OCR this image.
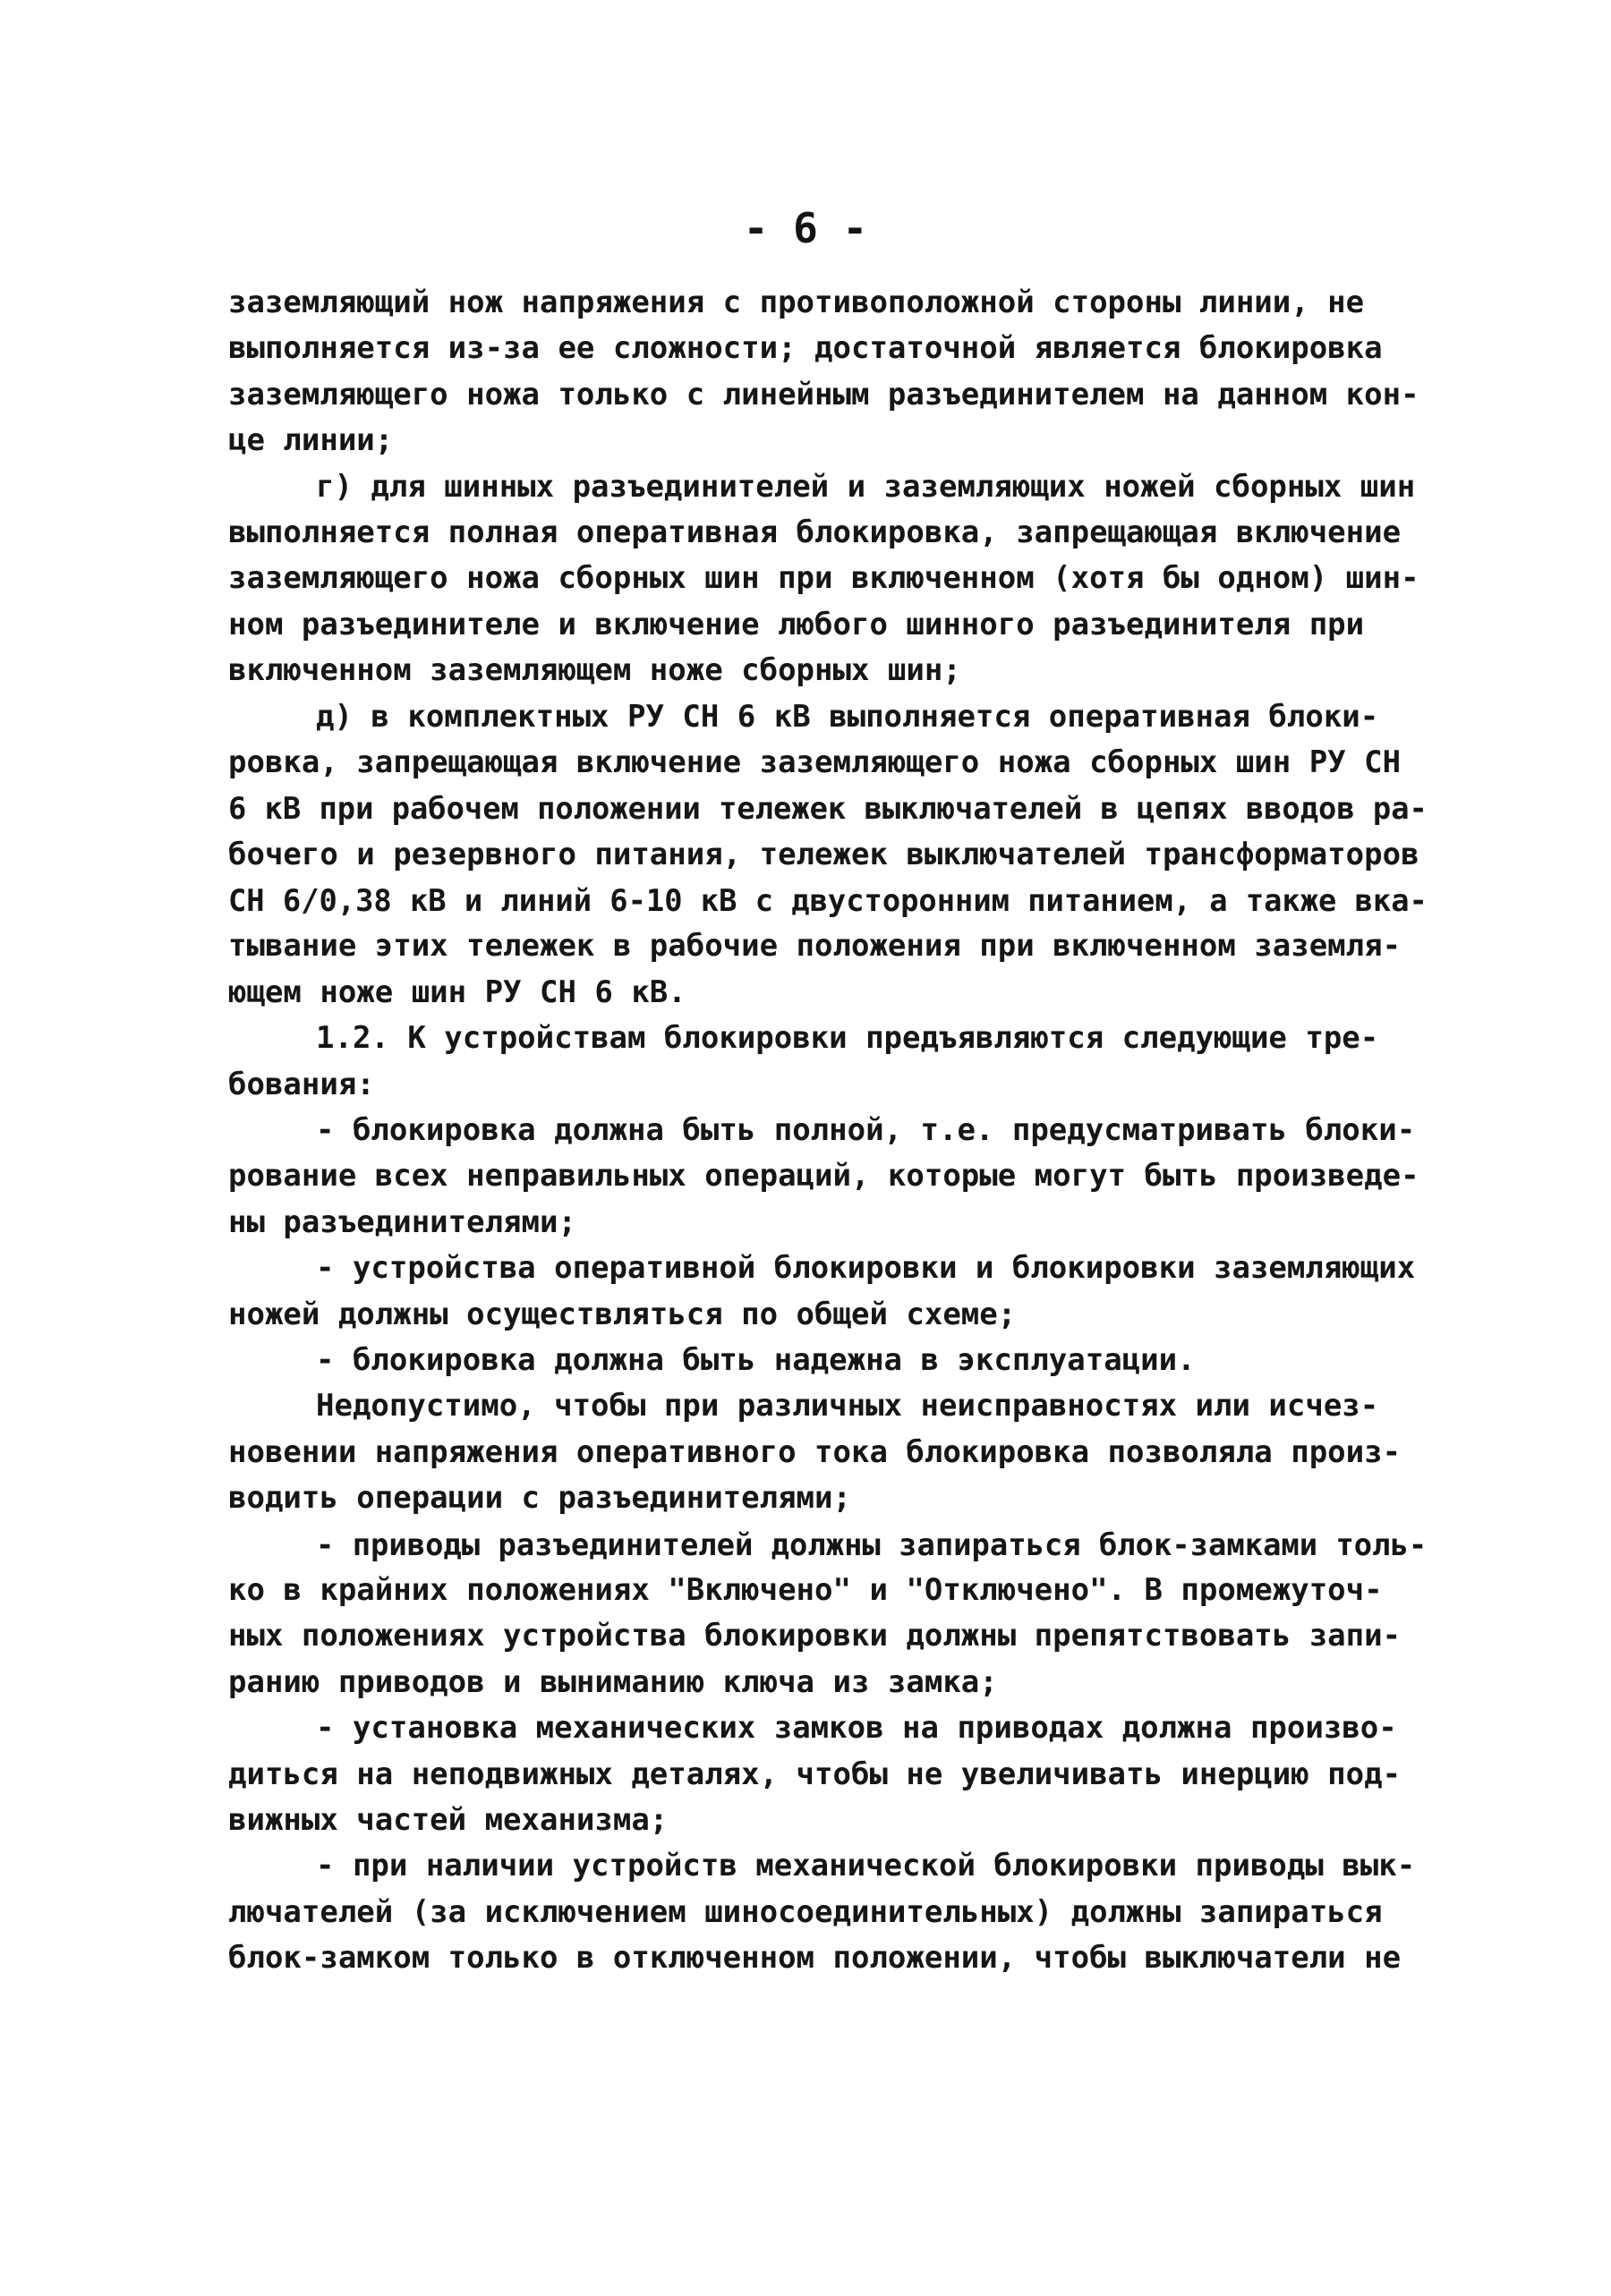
- 6 -
заземляющий нож напряжения с противоположной стороны линии, не
выполняется из-за ее сложности; достаточной является блокировка
заземляющего ножа только с линейным разъединителем на данном кон-
це линии;
г) для шинных разъединителей и заземляющих ножей сборных шин
выполняется полная оперативная блокировка, запрещающая включение
заземляющего ножа сборных шин при включенном (хотя бы одном) шин-
ном разъединителе и включение любого шинного разъединителя при
включенном заземляющем ноже сборных шин;
д) в комплектных РУ СН 6 кВ выполняется оперативная блоки-
ровка, запрещающая включение заземляющего ножа сборных шин РУ СН
6 кВ при рабочем положении тележек выключателей в цепях вводов ра-
бочего и резервного питания, тележек выключателей трансформаторов
СН 6/0,38 кВ и линий 6-10 кВ с двусторонним питанием, а также вка-
тывание этих тележек в рабочие положения при включенном заземля-
ющем ноже шин РУ СН 6 кВ.
1.2. К устройствам блокировки предъявляются следующие тре-
бования:
- блокировка должна быть полной, т.е. предусматривать блоки-
рование всех неправильных операций, которые могут быть произведе-
ны разъединителями;
- устройства оперативной блокировки и блокировки заземляющих
ножей должны осуществляться по общей схеме;
- блокировка должна быть надежна в эксплуатации.
Недопустимо, чтобы при различных неисправностях или исчез-
новении напряжения оперативного тока блокировка позволяла произ-
водить операции с разъединителями;
- приводы разъединителей должны запираться блок-замками толь-
ко в крайних положениях "Включено" и "Отключено". В промежуточ-
ных положениях устройства блокировки должны препятствовать запи-
ранию приводов и выниманию ключа из замка;
- установка механических замков на приводах должна произво-
диться на неподвижных деталях, чтобы не увеличивать инерцию под-
вижных частей механизма;
- при наличии устройств механической блокировки приводы вык-
лючателей (за исключением шиносоединительных) должны запираться
блок-замком только в отключенном положении, чтобы выключатели не
